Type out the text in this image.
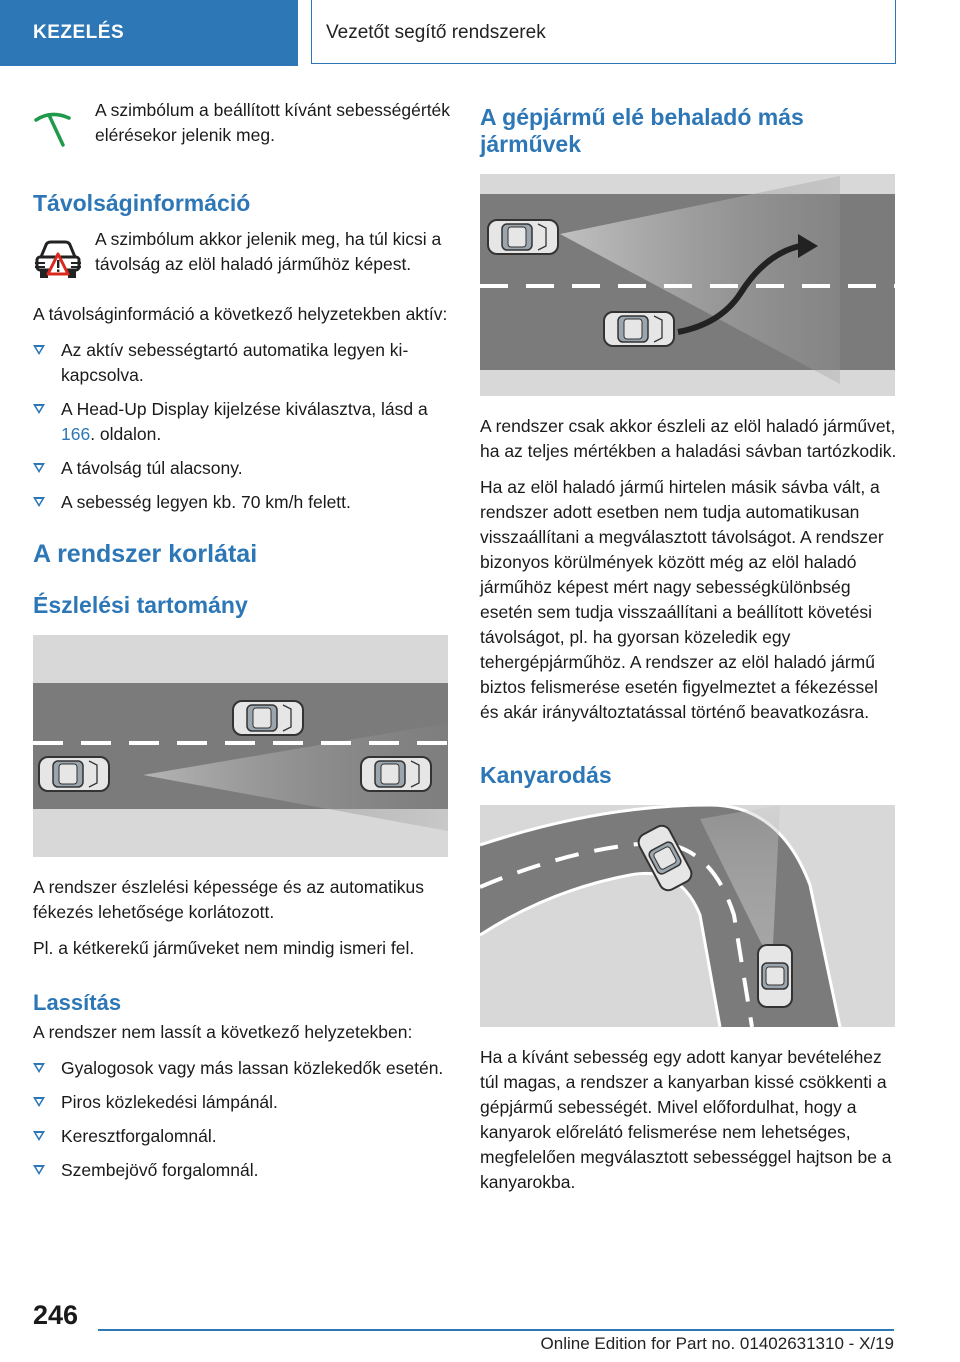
KEZELÉS	Vezetőt segítő rendszerek

A szimbólum a beállított kívánt sebességérték elérésekor jelenik meg.

Távolságinformáció

A szimbólum akkor jelenik meg, ha túl kicsi a távolság az elöl haladó járműhöz képest.

A távolságinformáció a következő helyzetekben aktív:

Az aktív sebességtartó automatika legyen kikapcsolva.
A Head-Up Display kijelzése kiválasztva, lásd a 166. oldalon.
A távolság túl alacsony.
A sebesség legyen kb. 70 km/h felett.
A rendszer korlátai
Észlelési tartomány

A rendszer észlelési képessége és az automatikus fékezés lehetősége korlátozott.

Pl. a kétkerekű járműveket nem mindig ismeri fel.

Lassítás

A rendszer nem lassít a következő helyzetekben:

Gyalogosok vagy más lassan közlekedők esetén.
Piros közlekedési lámpánál.
Keresztforgalomnál.
Szembejövő forgalomnál.
A gépjármű elé behaladó más járművek

A rendszer csak akkor észleli az elöl haladó járművet, ha az teljes mértékben a haladási sávban tartózkodik.

Ha az elöl haladó jármű hirtelen másik sávba vált, a rendszer adott esetben nem tudja automatikusan visszaállítani a megválasztott távolságot. A rendszer bizonyos körülmények között még az elöl haladó járműhöz képest mért nagy sebességkülönbség esetén sem tudja visszaállítani a beállított követési távolságot, pl. ha gyorsan közeledik egy tehergépjárműhöz. A rendszer az elöl haladó jármű biztos felismerése esetén figyelmeztet a fékezéssel és akár irányváltoztatással történő beavatkozásra.

Kanyarodás

Ha a kívánt sebesség egy adott kanyar bevételéhez túl magas, a rendszer a kanyarban kissé csökkenti a gépjármű sebességét. Mivel előfordulhat, hogy a kanyarok előrelátó felismerése nem lehetséges, megfelelően megválasztott sebességgel hajtson be a kanyarokba.

246
Online Edition for Part no. 01402631310 - X/19
